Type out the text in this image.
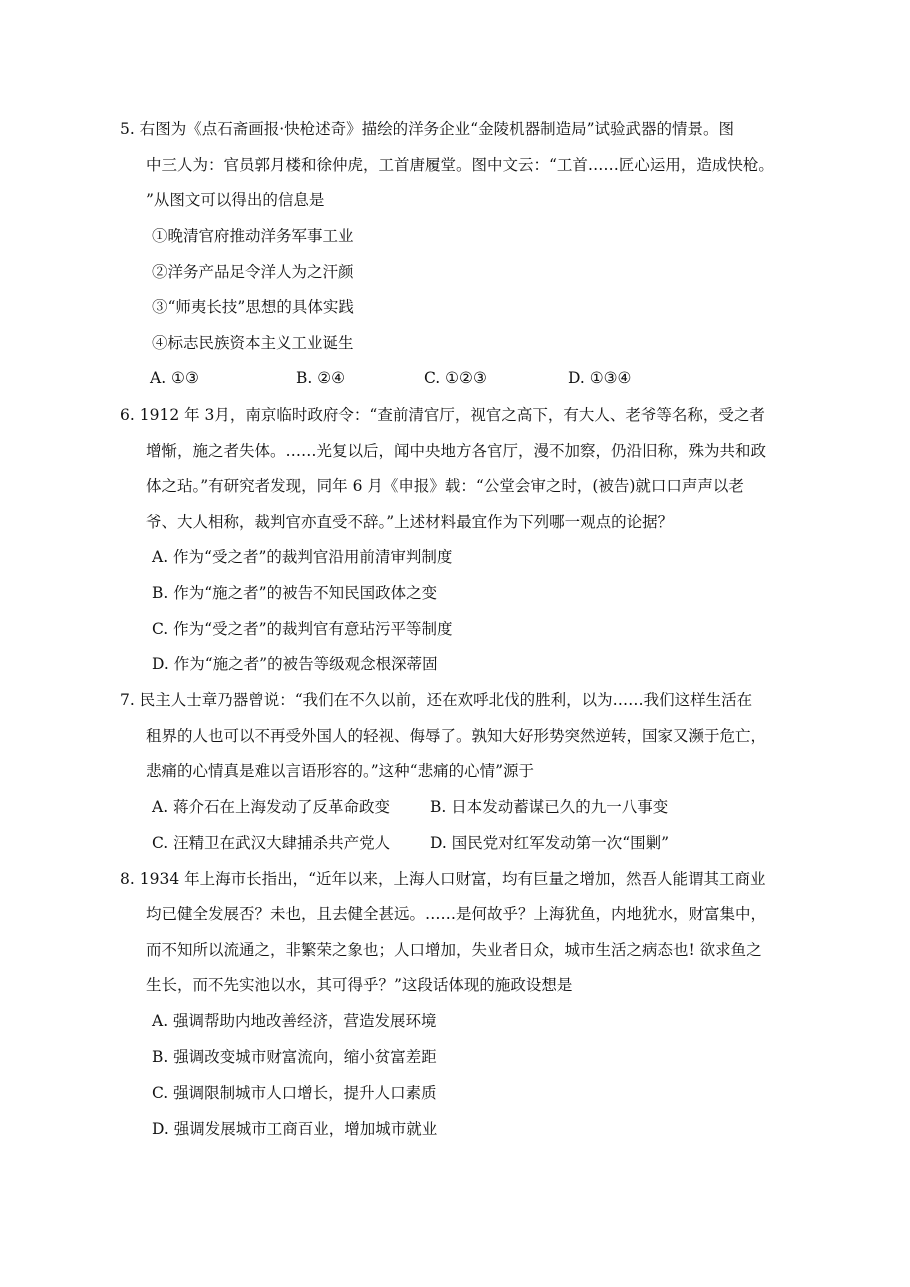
5. 右图为《点石斋画报·快枪述奇》描绘的洋务企业“金陵机器制造局”试验武器的情景。图
中三人为：官员郭月楼和徐仲虎，工首唐履堂。图中文云：“工首……匠心运用，造成快枪。
”从图文可以得出的信息是
①晚清官府推动洋务军事工业
②洋务产品足令洋人为之汗颜
③“师夷长技”思想的具体实践
④标志民族资本主义工业诞生
A. ①③	B. ②④	C. ①②③	D. ①③④
6. 1912 年 3月，南京临时政府令：“查前清官厅，视官之高下，有大人、老爷等名称，受之者
增惭，施之者失体。……光复以后，闻中央地方各官厅，漫不加察，仍沿旧称，殊为共和政
体之玷。”有研究者发现，同年 6 月《申报》载：“公堂会审之时，(被告)就口口声声以老
爷、大人相称，裁判官亦直受不辞。”上述材料最宜作为下列哪一观点的论据？
A. 作为“受之者”的裁判官沿用前清审判制度
B. 作为“施之者”的被告不知民国政体之变
C. 作为“受之者”的裁判官有意玷污平等制度
D. 作为“施之者”的被告等级观念根深蒂固
7. 民主人士章乃器曾说：“我们在不久以前，还在欢呼北伐的胜利，以为……我们这样生活在
租界的人也可以不再受外国人的轻视、侮辱了。孰知大好形势突然逆转，国家又濒于危亡，
悲痛的心情真是难以言语形容的。”这种“悲痛的心情”源于
A. 蒋介石在上海发动了反革命政变	B. 日本发动蓄谋已久的九一八事变
C. 汪精卫在武汉大肆捕杀共产党人	D. 国民党对红军发动第一次“围剿”
8. 1934 年上海市长指出，“近年以来，上海人口财富，均有巨量之增加，然吾人能谓其工商业
均已健全发展否？未也，且去健全甚远。……是何故乎？上海犹鱼，内地犹水，财富集中，
而不知所以流通之，非繁荣之象也；人口增加，失业者日众，城市生活之病态也! 欲求鱼之
生长，而不先实池以水，其可得乎？”这段话体现的施政设想是
A. 强调帮助内地改善经济，营造发展环境
B. 强调改变城市财富流向，缩小贫富差距
C. 强调限制城市人口增长，提升人口素质
D. 强调发展城市工商百业，增加城市就业
